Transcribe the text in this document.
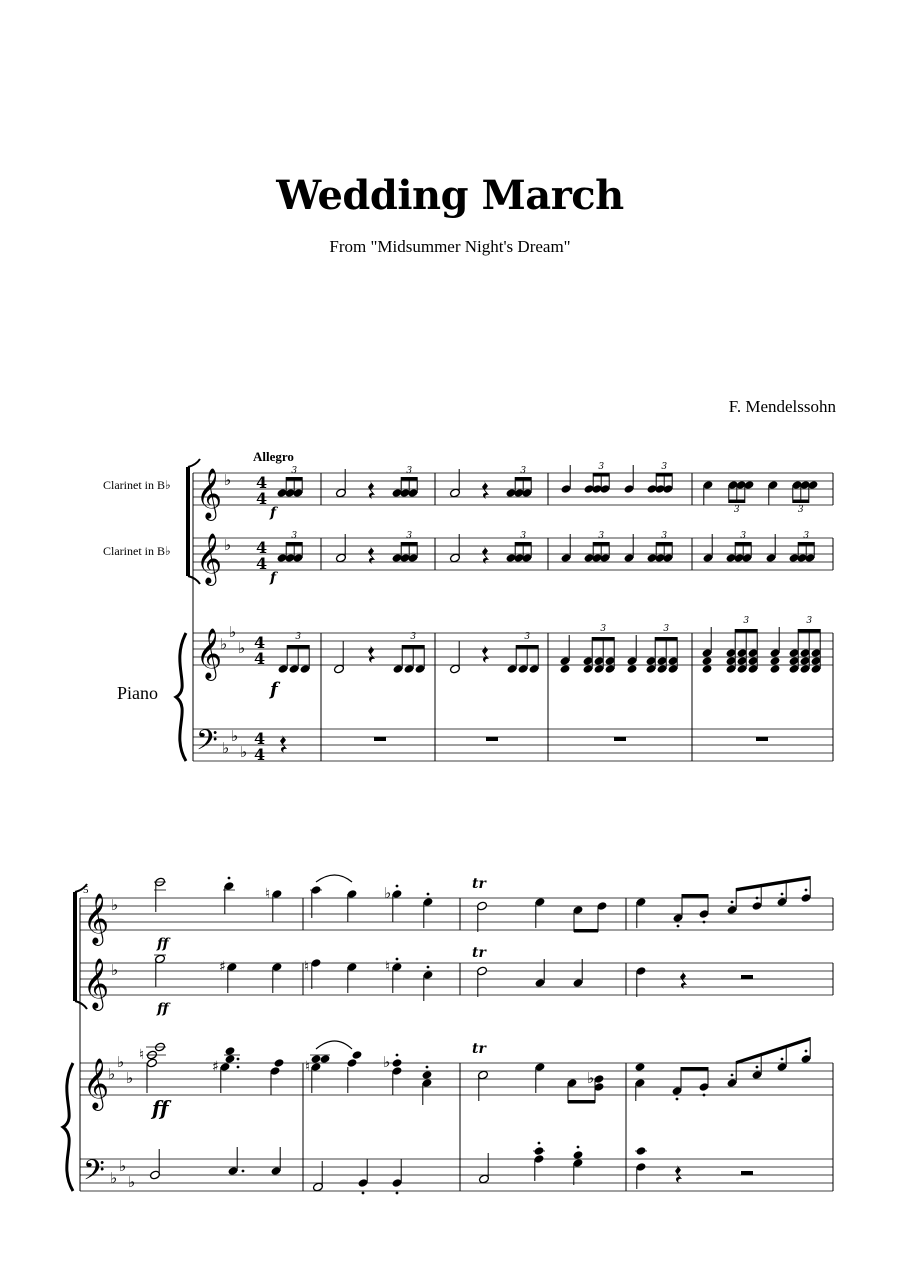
Wedding March
From "Midsummer Night's Dream"
F. Mendelssohn
Allegro
Clarinet in B♭
Clarinet in B♭
Piano
5
𝄞 ♭ 4
4
𝄞 ♭ 4
4
𝄞
♭
♭
♭ 4
4
𝄢 ♭
♭
♭
4
4
3	3	3	3	3
3	3
f
3	3	3	3	3	3	3
f
3	3	3
3	3
3	3
f
𝄞 ♭
𝄞 ♭
𝄞
♭
♭
♭
𝄢 ♭
♭
♭
♮	♭	tr
ff
♯	♮	♮
tr
ff
♮
♯	♮	♭
tr
♭
ff
